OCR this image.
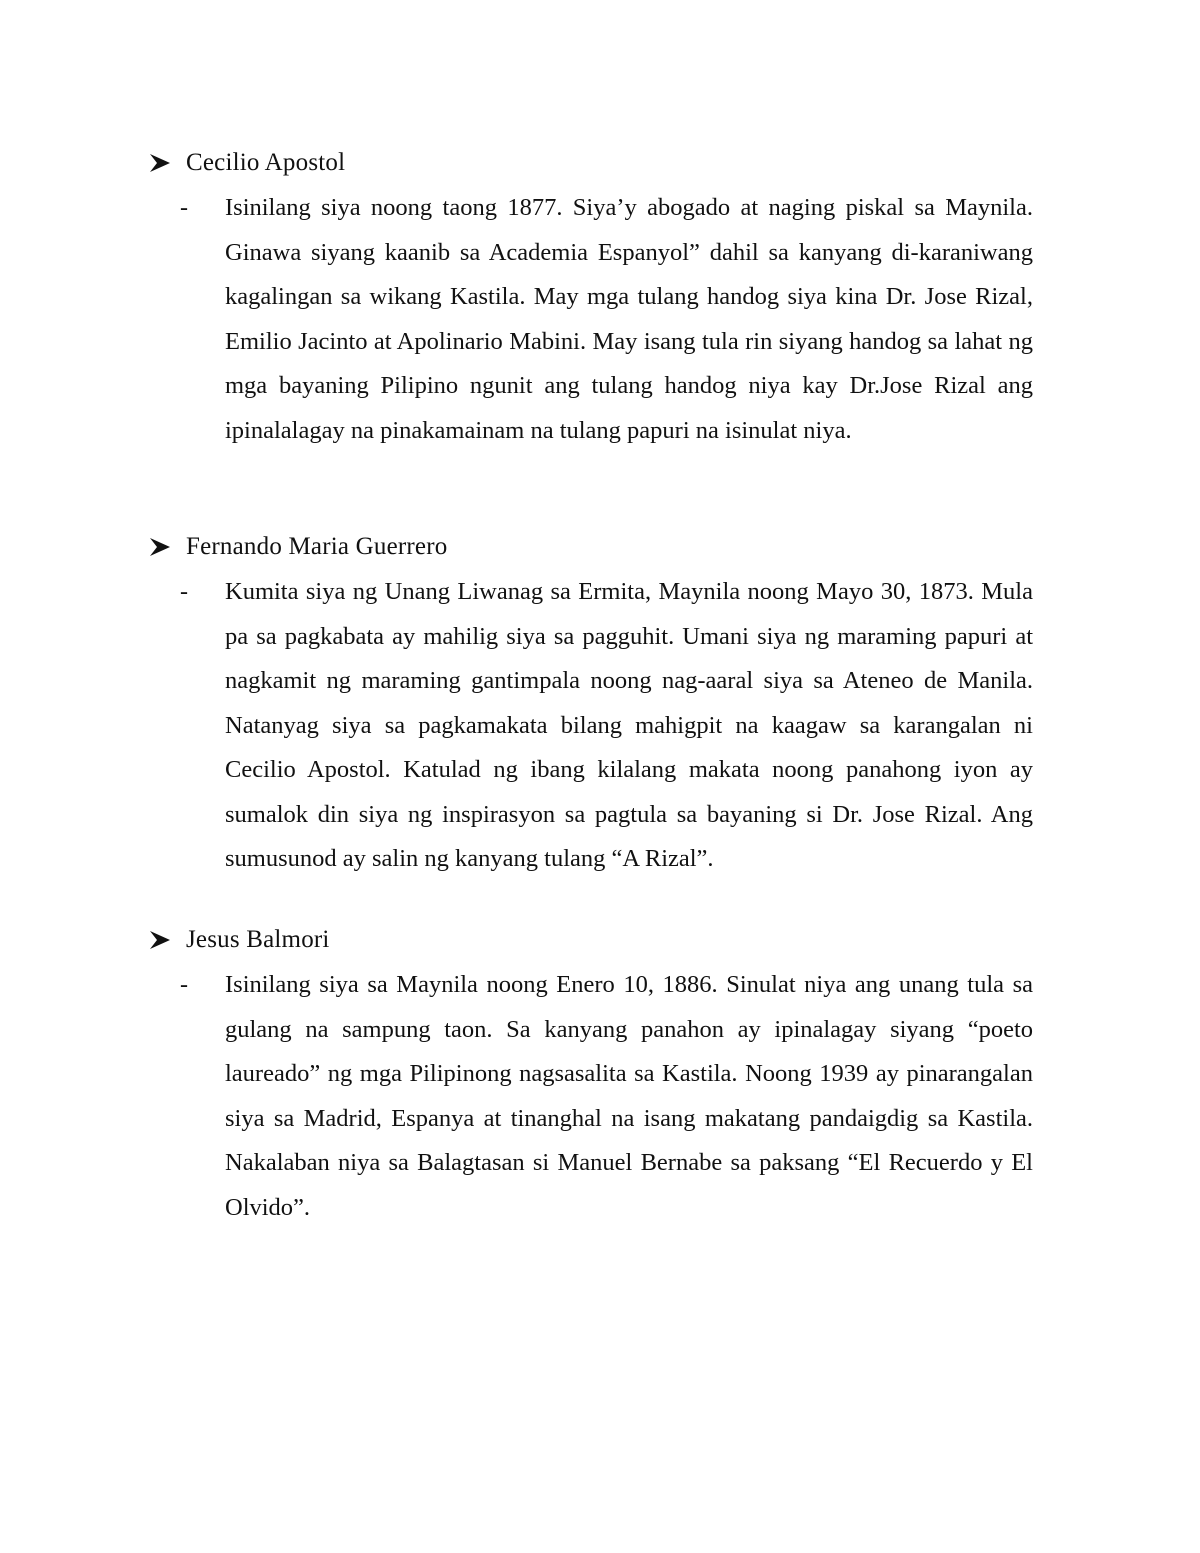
Cecilio Apostol
-	Isinilang siya noong taong 1877. Siya’y abogado at naging piskal sa Maynila. Ginawa siyang kaanib sa Academia Espanyol” dahil sa kanyang di-karaniwang kagalingan sa wikang Kastila. May mga tulang handog siya kina Dr. Jose Rizal, Emilio Jacinto at Apolinario Mabini. May isang tula rin siyang handog sa lahat ng mga bayaning Pilipino ngunit ang tulang handog niya kay Dr.Jose Rizal ang ipinalalagay na pinakamainam na tulang papuri na isinulat niya.

Fernando Maria Guerrero
-	Kumita siya ng Unang Liwanag sa Ermita, Maynila noong Mayo 30, 1873. Mula pa sa pagkabata ay mahilig siya sa pagguhit. Umani siya ng maraming papuri at nagkamit ng maraming gantimpala noong nag-aaral siya sa Ateneo de Manila. Natanyag siya sa pagkamakata bilang mahigpit na kaagaw sa karangalan ni Cecilio Apostol. Katulad ng ibang kilalang makata noong panahong iyon ay sumalok din siya ng inspirasyon sa pagtula sa bayaning si Dr. Jose Rizal. Ang sumusunod ay salin ng kanyang tulang “A Rizal”.

Jesus Balmori
-	Isinilang siya sa Maynila noong Enero 10, 1886. Sinulat niya ang unang tula sa gulang na sampung taon. Sa kanyang panahon ay ipinalagay siyang “poeto laureado” ng mga Pilipinong nagsasalita sa Kastila. Noong 1939 ay pinarangalan siya sa Madrid, Espanya at tinanghal na isang makatang pandaigdig sa Kastila. Nakalaban niya sa Balagtasan si Manuel Bernabe sa paksang “El Recuerdo y El Olvido”.
